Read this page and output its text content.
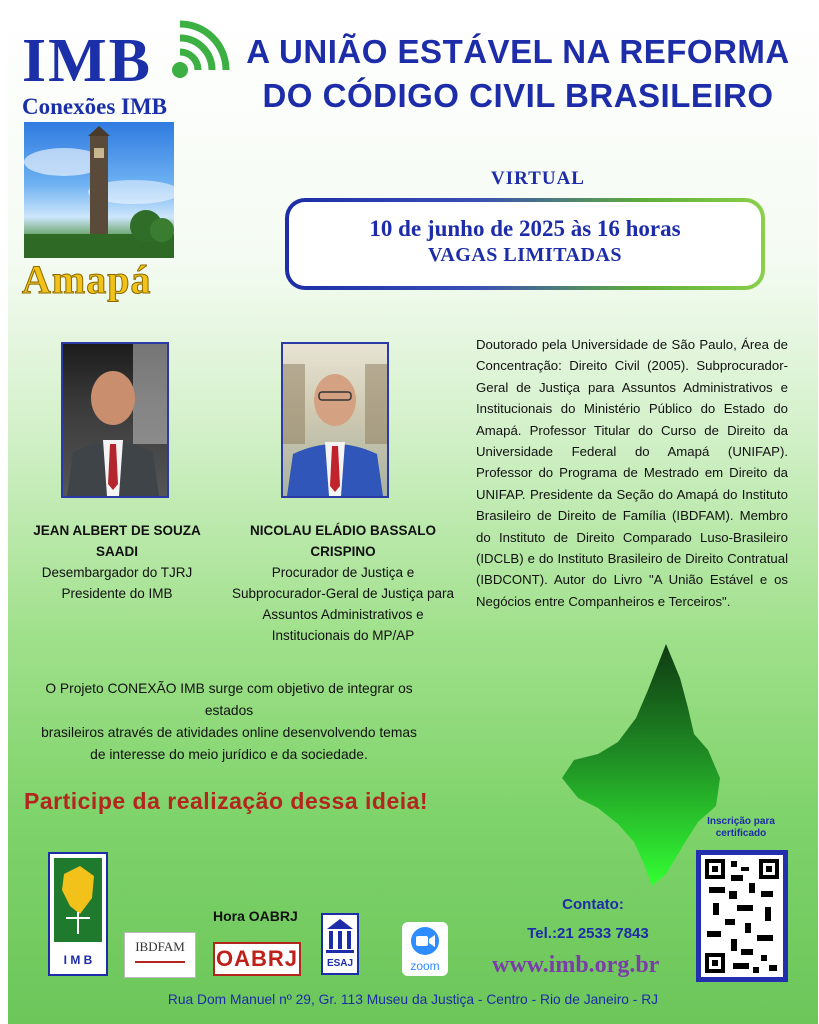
IMB
Conexões IMB
Amapá
A UNIÃO ESTÁVEL NA REFORMA
DO CÓDIGO CIVIL BRASILEIRO
VIRTUAL
10 de junho de 2025 às 16 horas
VAGAS LIMITADAS
JEAN ALBERT DE SOUZA SAADI
Desembargador do TJRJ
Presidente do IMB
NICOLAU ELÁDIO BASSALO CRISPINO
Procurador de Justiça e
Subprocurador-Geral de Justiça para
Assuntos Administrativos e
Institucionais do MP/AP
Doutorado pela Universidade de São Paulo, Área de Concentração: Direito Civil (2005). Subprocurador-Geral de Justiça para Assuntos Administrativos e Institucionais do Ministério Público do Estado do Amapá. Professor Titular do Curso de Direito da Universidade Federal do Amapá (UNIFAP). Professor do Programa de Mestrado em Direito da UNIFAP. Presidente da Seção do Amapá do Instituto Brasileiro de Direito de Família (IBDFAM). Membro do Instituto de Direito Comparado Luso-Brasileiro (IDCLB) e do Instituto Brasileiro de Direito Contratual (IBDCONT). Autor do Livro "A União Estável e os Negócios entre Companheiros e Terceiros".
O Projeto CONEXÃO IMB surge com objetivo de integrar os estados
brasileiros através de atividades online desenvolvendo temas
de interesse do meio jurídico e da sociedade.
Participe da realização dessa ideia!
Inscrição para certificado
I M B
Hora OABRJ
IBDFAM	OABRJ	ESAJ	zoom
Contato:
Tel.:21 2533 7843
www.imb.org.br
Rua Dom Manuel nº 29, Gr. 113 Museu da Justiça - Centro - Rio de Janeiro - RJ
